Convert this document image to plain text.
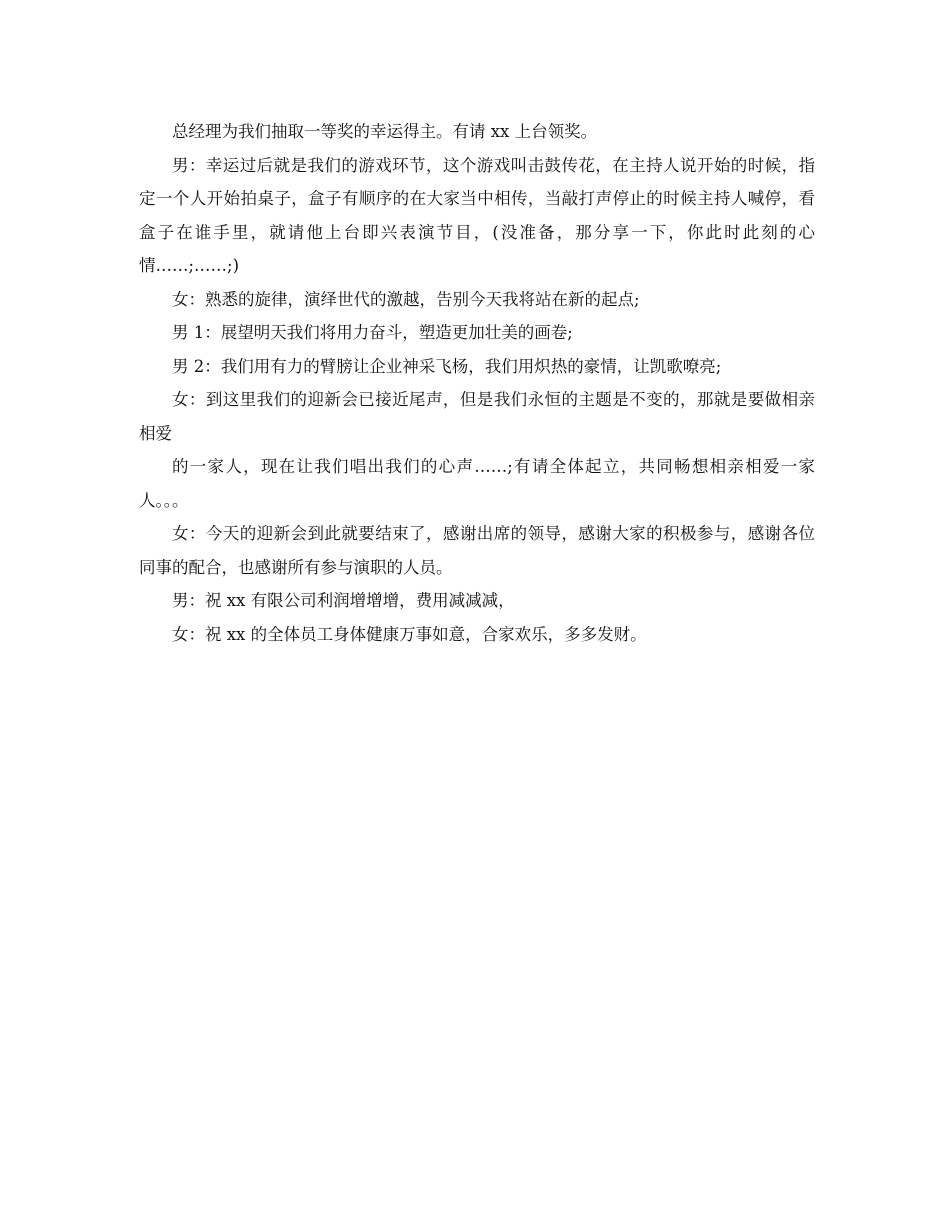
总经理为我们抽取一等奖的幸运得主。有请 xx 上台领奖。

男：幸运过后就是我们的游戏环节，这个游戏叫击鼓传花，在主持人说开始的时候，指定一个人开始拍桌子，盒子有顺序的在大家当中相传，当敲打声停止的时候主持人喊停，看盒子在谁手里，就请他上台即兴表演节目，(没准备，那分享一下，你此时此刻的心情……;……;)

女：熟悉的旋律，演绎世代的激越，告别今天我将站在新的起点;

男 1：展望明天我们将用力奋斗，塑造更加壮美的画卷;

男 2：我们用有力的臂膀让企业神采飞杨，我们用炽热的豪情，让凯歌嘹亮;

女：到这里我们的迎新会已接近尾声，但是我们永恒的主题是不变的，那就是要做相亲相爱

的一家人，现在让我们唱出我们的心声……;有请全体起立，共同畅想相亲相爱一家人。。。

女：今天的迎新会到此就要结束了，感谢出席的领导，感谢大家的积极参与，感谢各位同事的配合，也感谢所有参与演职的人员。

男：祝 xx 有限公司利润增增增，费用减减减，

女：祝 xx 的全体员工身体健康万事如意，合家欢乐，多多发财。
